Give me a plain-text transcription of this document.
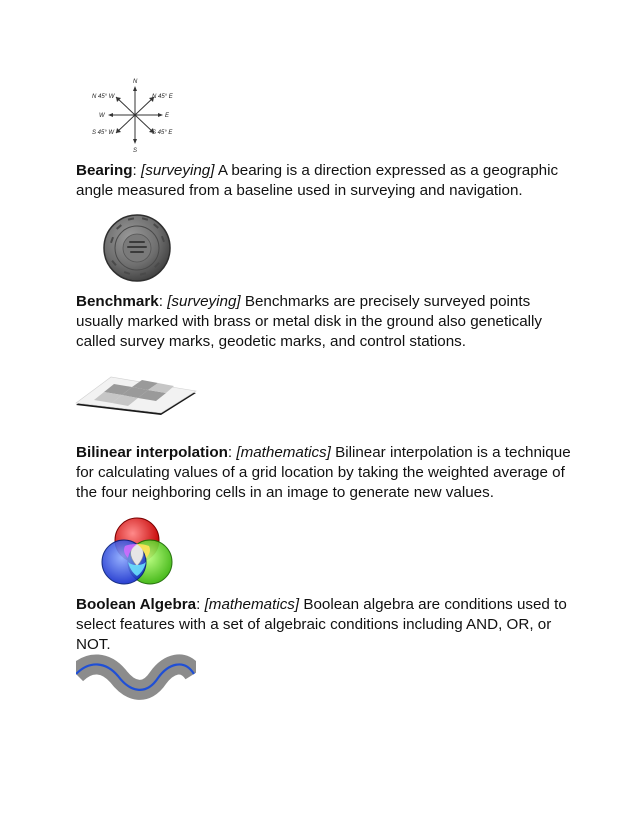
N
S
W	E
N 45° W	N 45° E
S 45° W	S 45° E
Bearing: [surveying] A bearing is a direction expressed as a geographic angle measured from a baseline used in surveying and navigation.
Benchmark: [surveying] Benchmarks are precisely surveyed points usually marked with brass or metal disk in the ground also genetically called survey marks, geodetic marks, and control stations.
Bilinear interpolation: [mathematics] Bilinear interpolation is a technique for calculating values of a grid location by taking the weighted average of the four neighboring cells in an image to generate new values.
Boolean Algebra: [mathematics] Boolean algebra are conditions used to select features with a set of algebraic conditions including AND, OR, or NOT.
